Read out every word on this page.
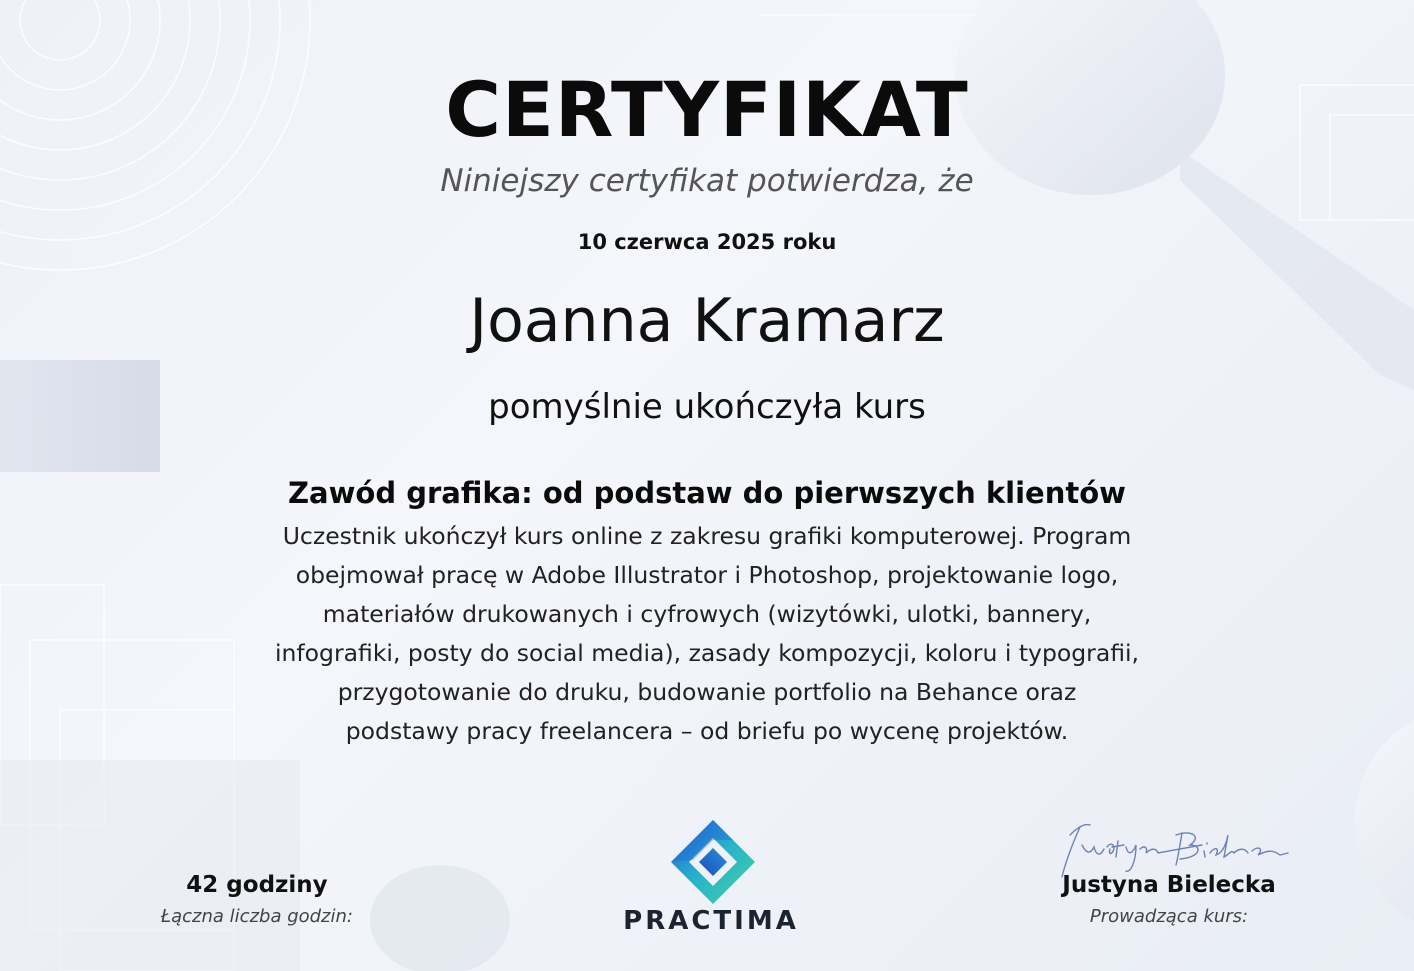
CERTYFIKAT
Niniejszy certyfikat potwierdza, że
10 czerwca 2025 roku
Joanna Kramarz
pomyślnie ukończyła kurs
Zawód grafika: od podstaw do pierwszych klientów
Uczestnik ukończył kurs online z zakresu grafiki komputerowej. Program
obejmował pracę w Adobe Illustrator i Photoshop, projektowanie logo,
materiałów drukowanych i cyfrowych (wizytówki, ulotki, bannery,
infografiki, posty do social media), zasady kompozycji, koloru i typografii,
przygotowanie do druku, budowanie portfolio na Behance oraz
podstawy pracy freelancera – od briefu po wycenę projektów.
42 godziny
Łączna liczba godzin:	PRACTIMA
Justyna Bielecka
Prowadząca kurs:
